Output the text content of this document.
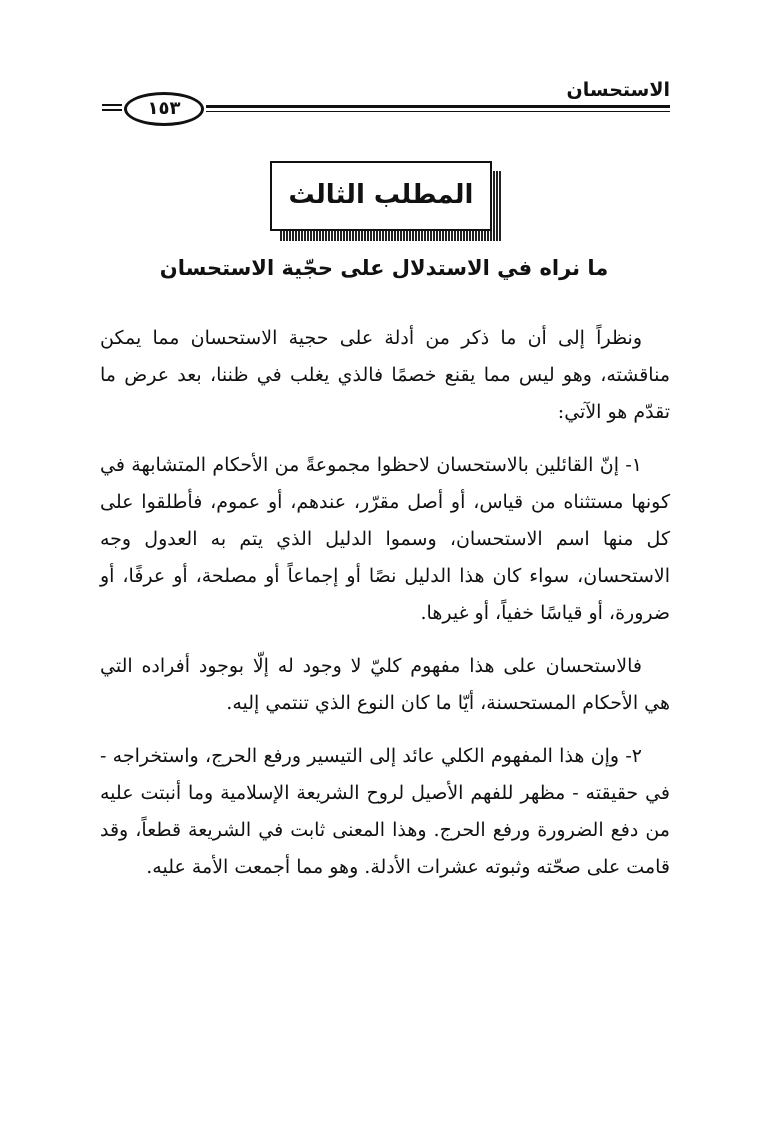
الاستحسان
١٥٣
المطلب الثالث
ما نراه في الاستدلال على حجّية الاستحسان

ونظراً إلى أن ما ذكر من أدلة على حجية الاستحسان مما يمكن مناقشته، وهو ليس مما يقنع خصمًا فالذي يغلب في ظننا، بعد عرض ما تقدّم هو الآتي:

١- إنّ القائلين بالاستحسان لاحظوا مجموعةً من الأحكام المتشابهة في كونها مستثناه من قياس، أو أصل مقرّر، عندهم، أو عموم، فأطلقوا على كل منها اسم الاستحسان، وسموا الدليل الذي يتم به العدول وجه الاستحسان، سواء كان هذا الدليل نصًا أو إجماعاً أو مصلحة، أو عرفًا، أو ضرورة، أو قياسًا خفياً، أو غيرها.

فالاستحسان على هذا مفهوم كليّ لا وجود له إلّا بوجود أفراده التي هي الأحكام المستحسنة، أيّا ما كان النوع الذي تنتمي إليه.

٢- وإن هذا المفهوم الكلي عائد إلى التيسير ورفع الحرج، واستخراجه - في حقيقته - مظهر للفهم الأصيل لروح الشريعة الإسلامية وما أنبتت عليه من دفع الضرورة ورفع الحرج. وهذا المعنى ثابت في الشريعة قطعاً، وقد قامت على صحّته وثبوته عشرات الأدلة. وهو مما أجمعت الأمة عليه.
